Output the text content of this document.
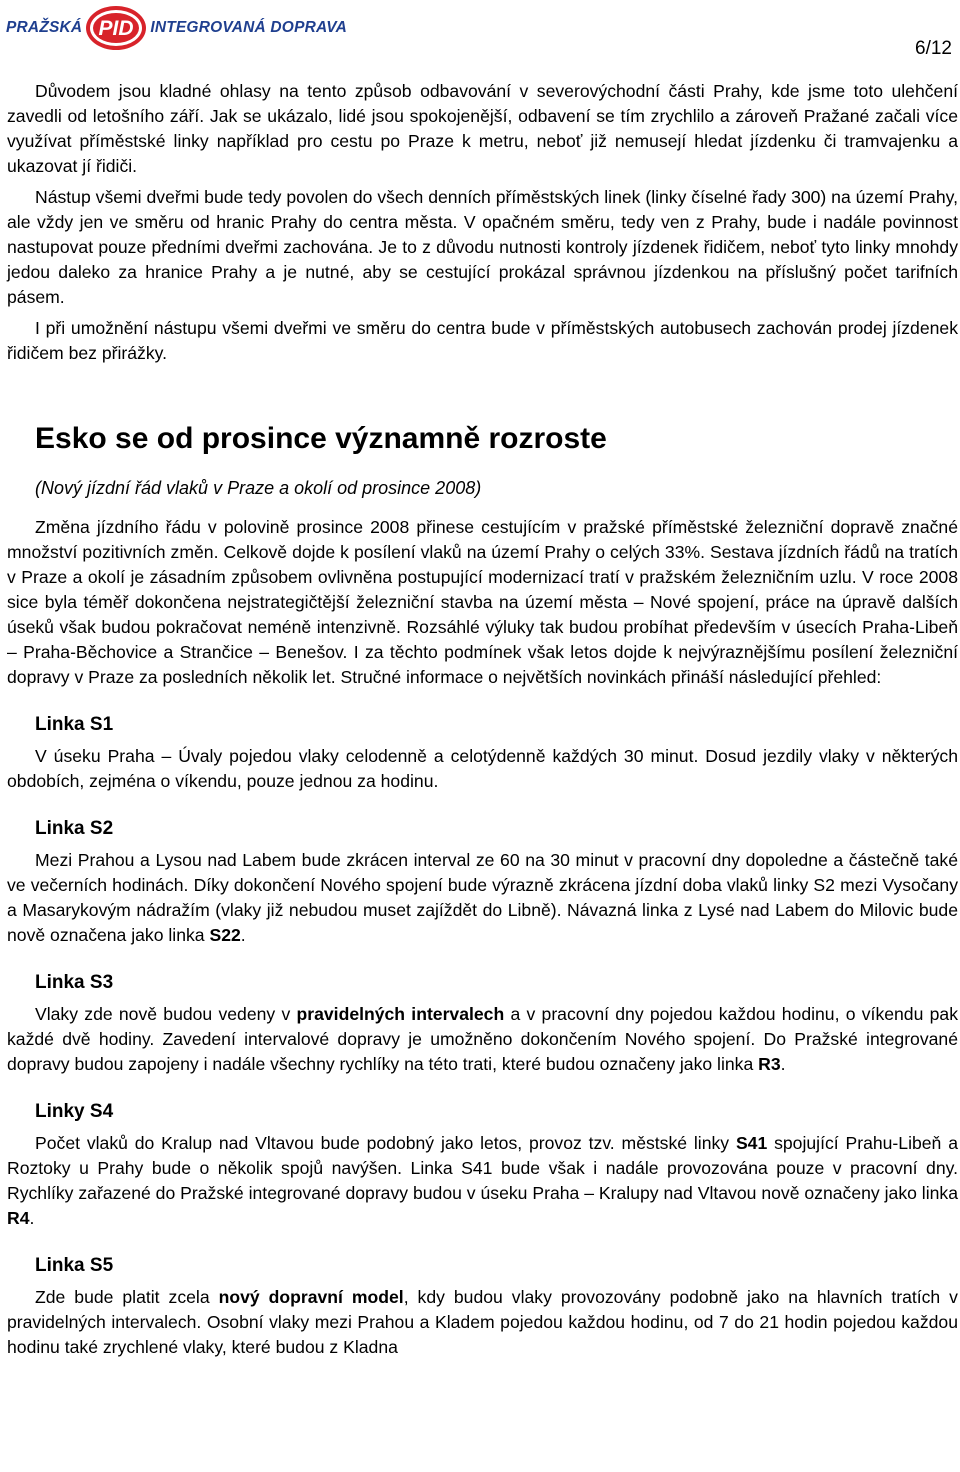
PRAŽSKÁ PID INTEGROVANÁ DOPRAVA
6/12

Důvodem jsou kladné ohlasy na tento způsob odbavování v severovýchodní části Prahy, kde jsme toto ulehčení zavedli od letošního září. Jak se ukázalo, lidé jsou spokojenější, odbavení se tím zrychlilo a zároveň Pražané začali více využívat příměstské linky například pro cestu po Praze k metru, neboť již nemusejí hledat jízdenku či tramvajenku a ukazovat jí řidiči.

Nástup všemi dveřmi bude tedy povolen do všech denních příměstských linek (linky číselné řady 300) na území Prahy, ale vždy jen ve směru od hranic Prahy do centra města. V opačném směru, tedy ven z Prahy, bude i nadále povinnost nastupovat pouze předními dveřmi zachována. Je to z důvodu nutnosti kontroly jízdenek řidičem, neboť tyto linky mnohdy jedou daleko za hranice Prahy a je nutné, aby se cestující prokázal správnou jízdenkou na příslušný počet tarifních pásem.

I při umožnění nástupu všemi dveřmi ve směru do centra bude v příměstských autobusech zachován prodej jízdenek řidičem bez přirážky.

Esko se od prosince významně rozroste

(Nový jízdní řád vlaků v Praze a okolí od prosince 2008)

Změna jízdního řádu v polovině prosince 2008 přinese cestujícím v pražské příměstské železniční dopravě značné množství pozitivních změn. Celkově dojde k posílení vlaků na území Prahy o celých 33%. Sestava jízdních řádů na tratích v Praze a okolí je zásadním způsobem ovlivněna postupující modernizací tratí v pražském železničním uzlu. V roce 2008 sice byla téměř dokončena nejstrategičtější železniční stavba na území města – Nové spojení, práce na úpravě dalších úseků však budou pokračovat neméně intenzivně. Rozsáhlé výluky tak budou probíhat především v úsecích Praha-Libeň – Praha-Běchovice a Strančice – Benešov. I za těchto podmínek však letos dojde k nejvýraznějšímu posílení železniční dopravy v Praze za posledních několik let. Stručné informace o největších novinkách přináší následující přehled:

Linka S1

V úseku Praha – Úvaly pojedou vlaky celodenně a celotýdenně každých 30 minut. Dosud jezdily vlaky v některých obdobích, zejména o víkendu, pouze jednou za hodinu.

Linka S2

Mezi Prahou a Lysou nad Labem bude zkrácen interval ze 60 na 30 minut v pracovní dny dopoledne a částečně také ve večerních hodinách. Díky dokončení Nového spojení bude výrazně zkrácena jízdní doba vlaků linky S2 mezi Vysočany a Masarykovým nádražím (vlaky již nebudou muset zajíždět do Libně). Návazná linka z Lysé nad Labem do Milovic bude nově označena jako linka S22.

Linka S3

Vlaky zde nově budou vedeny v pravidelných intervalech a v pracovní dny pojedou každou hodinu, o víkendu pak každé dvě hodiny. Zavedení intervalové dopravy je umožněno dokončením Nového spojení. Do Pražské integrované dopravy budou zapojeny i nadále všechny rychlíky na této trati, které budou označeny jako linka R3.

Linky S4

Počet vlaků do Kralup nad Vltavou bude podobný jako letos, provoz tzv. městské linky S41 spojující Prahu-Libeň a Roztoky u Prahy bude o několik spojů navýšen. Linka S41 bude však i nadále provozována pouze v pracovní dny. Rychlíky zařazené do Pražské integrované dopravy budou v úseku Praha – Kralupy nad Vltavou nově označeny jako linka R4.

Linka S5

Zde bude platit zcela nový dopravní model, kdy budou vlaky provozovány podobně jako na hlavních tratích v pravidelných intervalech. Osobní vlaky mezi Prahou a Kladem pojedou každou hodinu, od 7 do 21 hodin pojedou každou hodinu také zrychlené vlaky, které budou z Kladna
